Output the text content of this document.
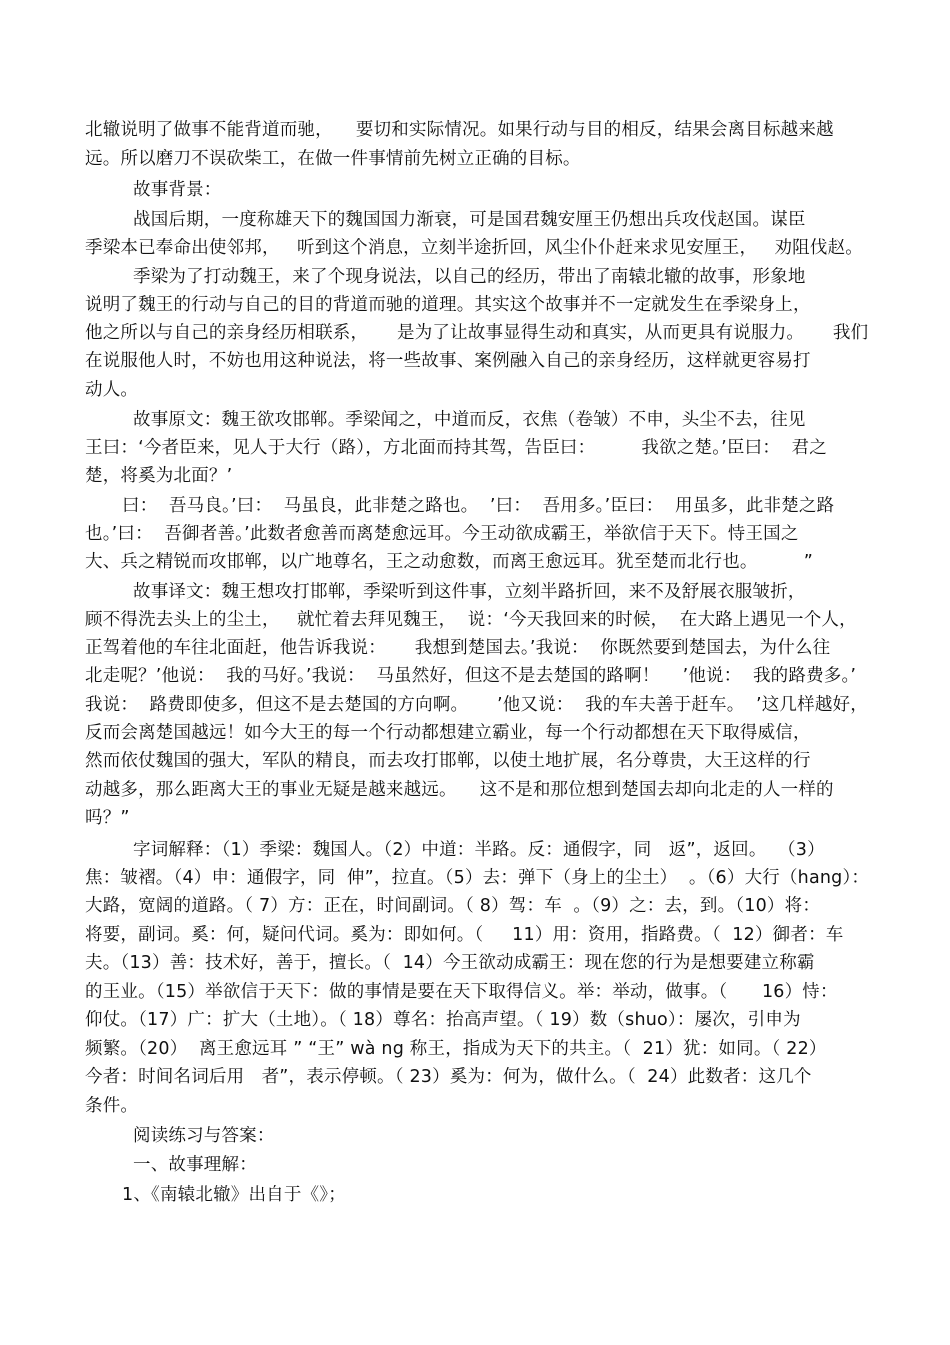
北辙说明了做事不能背道而驰，    要切和实际情况。如果行动与目的相反，结果会离目标越来越
远。所以磨刀不误砍柴工，在做一件事情前先树立正确的目标。
故事背景：
战国后期，一度称雄天下的魏国国力渐衰，可是国君魏安厘王仍想出兵攻伐赵国。谋臣
季梁本已奉命出使邻邦，   听到这个消息，立刻半途折回，风尘仆仆赶来求见安厘王，   劝阻伐赵。
季梁为了打动魏王，来了个现身说法，以自己的经历，带出了南辕北辙的故事，形象地
说明了魏王的行动与自己的目的背道而驰的道理。其实这个故事并不一定就发生在季梁身上，
他之所以与自己的亲身经历相联系，     是为了让故事显得生动和真实，从而更具有说服力。     我们
在说服他人时，不妨也用这种说法，将一些故事、案例融入自己的亲身经历，这样就更容易打
动人。
故事原文：魏王欲攻邯郸。季梁闻之，中道而反，衣焦（卷皱）不申，头尘不去，往见
王曰：‘今者臣来，见人于大行（路），方北面而持其驾，告臣曰：        我欲之楚。’臣曰：  君之
楚，将奚为北面？’
曰：  吾马良。’曰：  马虽良，此非楚之路也。  ’曰：  吾用多。’臣曰：  用虽多，此非楚之路
也。’曰：  吾御者善。’此数者愈善而离楚愈远耳。今王动欲成霸王，举欲信于天下。恃王国之
大、兵之精锐而攻邯郸，以广地尊名，王之动愈数，而离王愈远耳。犹至楚而北行也。        ”
故事译文：魏王想攻打邯郸，季梁听到这件事，立刻半路折回，来不及舒展衣服皱折，
顾不得洗去头上的尘土，   就忙着去拜见魏王，  说：‘今天我回来的时候，  在大路上遇见一个人，
正驾着他的车往北面赶，他告诉我说：     我想到楚国去。’我说：  你既然要到楚国去，为什么往
北走呢？’他说：  我的马好。’我说：  马虽然好，但这不是去楚国的路啊！    ’他说：  我的路费多。’
我说：  路费即使多，但这不是去楚国的方向啊。     ’他又说：  我的车夫善于赶车。  ’这几样越好，
反而会离楚国越远！如今大王的每一个行动都想建立霸业，每一个行动都想在天下取得威信，
然而依仗魏国的强大，军队的精良，而去攻打邯郸，以使土地扩展，名分尊贵，大王这样的行
动越多，那么距离大王的事业无疑是越来越远。    这不是和那位想到楚国去却向北走的人一样的
吗？”
字词解释：（1）季梁：魏国人。（2）中道：半路。反：通假字，同   返”，返回。  （3）
焦：皱褶。（4）申：通假字，同  伸”，拉直。（5）去：弹下（身上的尘土）  。（6）大行（hang）：
大路，宽阔的道路。（ 7）方：正在，时间副词。（ 8）驾：车  。（9）之：去，到。（10）将：
将要，副词。奚：何，疑问代词。奚为：即如何。（     11）用：资用，指路费。（  12）御者：车
夫。（13）善：技术好，善于，擅长。（  14）今王欲动成霸王：现在您的行为是想要建立称霸
的王业。（15）举欲信于天下：做的事情是要在天下取得信义。举：举动，做事。（      16）恃：
仰仗。（17）广：扩大（土地）。（ 18）尊名：抬高声望。（ 19）数（shuo）：屡次，引申为
频繁。（20）  离王愈远耳 ” “王” wà ng 称王，指成为天下的共主。（  21）犹：如同。（ 22）
今者：时间名词后用   者”，表示停顿。（ 23）奚为：何为，做什么。（  24）此数者：这几个
条件。
阅读练习与答案：
一、故事理解：
1、《南辕北辙》出自于《》；
